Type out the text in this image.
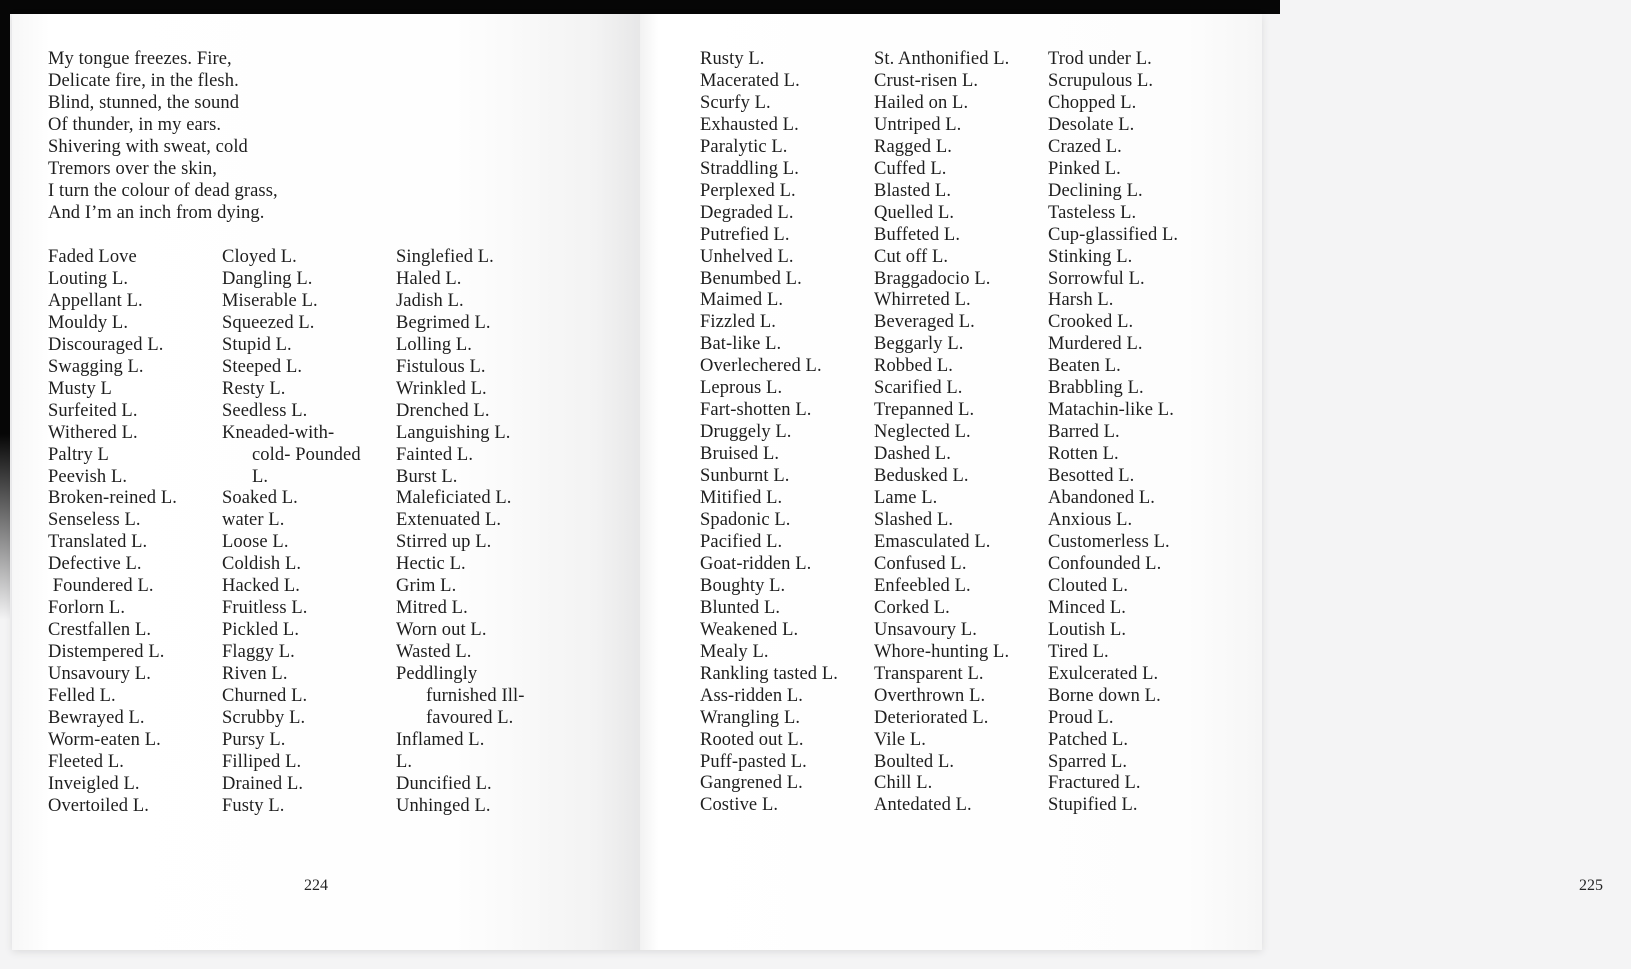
224	225
My tongue freezes. Fire,
Delicate fire, in the flesh.
Blind, stunned, the sound
Of thunder, in my ears.
Shivering with sweat, cold
Tremors over the skin,
I turn the colour of dead grass,
And I’m an inch from dying.
Faded Love
Louting L.
Appellant L.
Mouldy L.
Discouraged L.
Swagging L.
Musty L
Surfeited L.
Withered L.
Paltry L
Peevish L.
Broken-reined L.
Senseless L.
Translated L.
Defective L.
Foundered L.
Forlorn L.
Crestfallen L.
Distempered L.
Unsavoury L.
Felled L.
Bewrayed L.
Worm-eaten L.
Fleeted L.
Inveigled L.
Overtoiled L.
Cloyed L.
Dangling L.
Miserable L.
Squeezed L.
Stupid L.
Steeped L.
Resty L.
Seedless L.
Kneaded-with-
cold- Pounded
L.
Soaked L.
water L.
Loose L.
Coldish L.
Hacked L.
Fruitless L.
Pickled L.
Flaggy L.
Riven L.
Churned L.
Scrubby L.
Pursy L.
Filliped L.
Drained L.
Fusty L.
Singlefied L.
Haled L.
Jadish L.
Begrimed L.
Lolling L.
Fistulous L.
Wrinkled L.
Drenched L.
Languishing L.
Fainted L.
Burst L.
Maleficiated L.
Extenuated L.
Stirred up L.
Hectic L.
Grim L.
Mitred L.
Worn out L.
Wasted L.
Peddlingly
furnished Ill-
favoured L.
Inflamed L.
L.
Duncified L.
Unhinged L.
Rusty L.
Macerated L.
Scurfy L.
Exhausted L.
Paralytic L.
Straddling L.
Perplexed L.
Degraded L.
Putrefied L.
Unhelved L.
Benumbed L.
Maimed L.
Fizzled L.
Bat-like L.
Overlechered L.
Leprous L.
Fart-shotten L.
Druggely L.
Bruised L.
Sunburnt L.
Mitified L.
Spadonic L.
Pacified L.
Goat-ridden L.
Boughty L.
Blunted L.
Weakened L.
Mealy L.
Rankling tasted L.
Ass-ridden L.
Wrangling L.
Rooted out L.
Puff-pasted L.
Gangrened L.
Costive L.
St. Anthonified L.
Crust-risen L.
Hailed on L.
Untriped L.
Ragged L.
Cuffed L.
Blasted L.
Quelled L.
Buffeted L.
Cut off L.
Braggadocio L.
Whirreted L.
Beveraged L.
Beggarly L.
Robbed L.
Scarified L.
Trepanned L.
Neglected L.
Dashed L.
Bedusked L.
Lame L.
Slashed L.
Emasculated L.
Confused L.
Enfeebled L.
Corked L.
Unsavoury L.
Whore-hunting L.
Transparent L.
Overthrown L.
Deteriorated L.
Vile L.
Boulted L.
Chill L.
Antedated L.
Trod under L.
Scrupulous L.
Chopped L.
Desolate L.
Crazed L.
Pinked L.
Declining L.
Tasteless L.
Cup-glassified L.
Stinking L.
Sorrowful L.
Harsh L.
Crooked L.
Murdered L.
Beaten L.
Brabbling L.
Matachin-like L.
Barred L.
Rotten L.
Besotted L.
Abandoned L.
Anxious L.
Customerless L.
Confounded L.
Clouted L.
Minced L.
Loutish L.
Tired L.
Exulcerated L.
Borne down L.
Proud L.
Patched L.
Sparred L.
Fractured L.
Stupified L.
